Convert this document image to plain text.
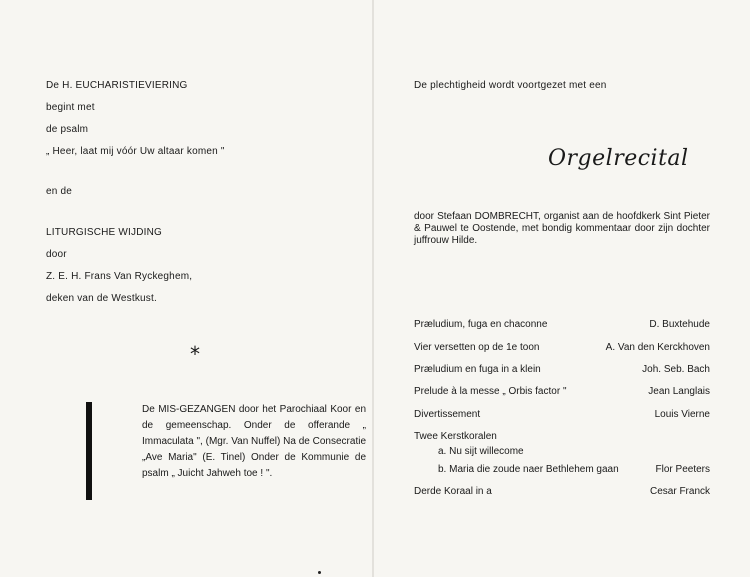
De H. EUCHARISTIEVIERING
begint met
de psalm
„ Heer, laat mij vóór Uw altaar komen "
en de
LITURGISCHE WIJDING
door
Z. E. H. Frans Van Ryckeghem,
deken van de Westkust.
*
De MIS-GEZANGEN door het Parochiaal Koor en de gemeenschap. Onder de offerande „ Immaculata ", (Mgr. Van Nuffel) Na de Consecratie „Ave Maria" (E. Tinel) Onder de Kommunie de psalm „ Juicht Jahweh toe ! ".
De plechtigheid wordt voortgezet met een
Orgelrecital
door Stefaan DOMBRECHT, organist aan de hoofdkerk Sint Pieter & Pauwel te Oostende, met bondig kommentaar door zijn dochter juffrouw Hilde.
Præludium, fuga en chaconne	D. Buxtehude
Vier versetten op de 1e toon	A. Van den Kerckhoven
Præludium en fuga in a klein	Joh. Seb. Bach
Prelude à la messe „ Orbis factor "	Jean Langlais
Divertissement	Louis Vierne
Twee Kerstkoralen
a. Nu sijt willecome
b. Maria die zoude naer Bethlehem gaan	Flor Peeters
Derde Koraal in a	Cesar Franck
